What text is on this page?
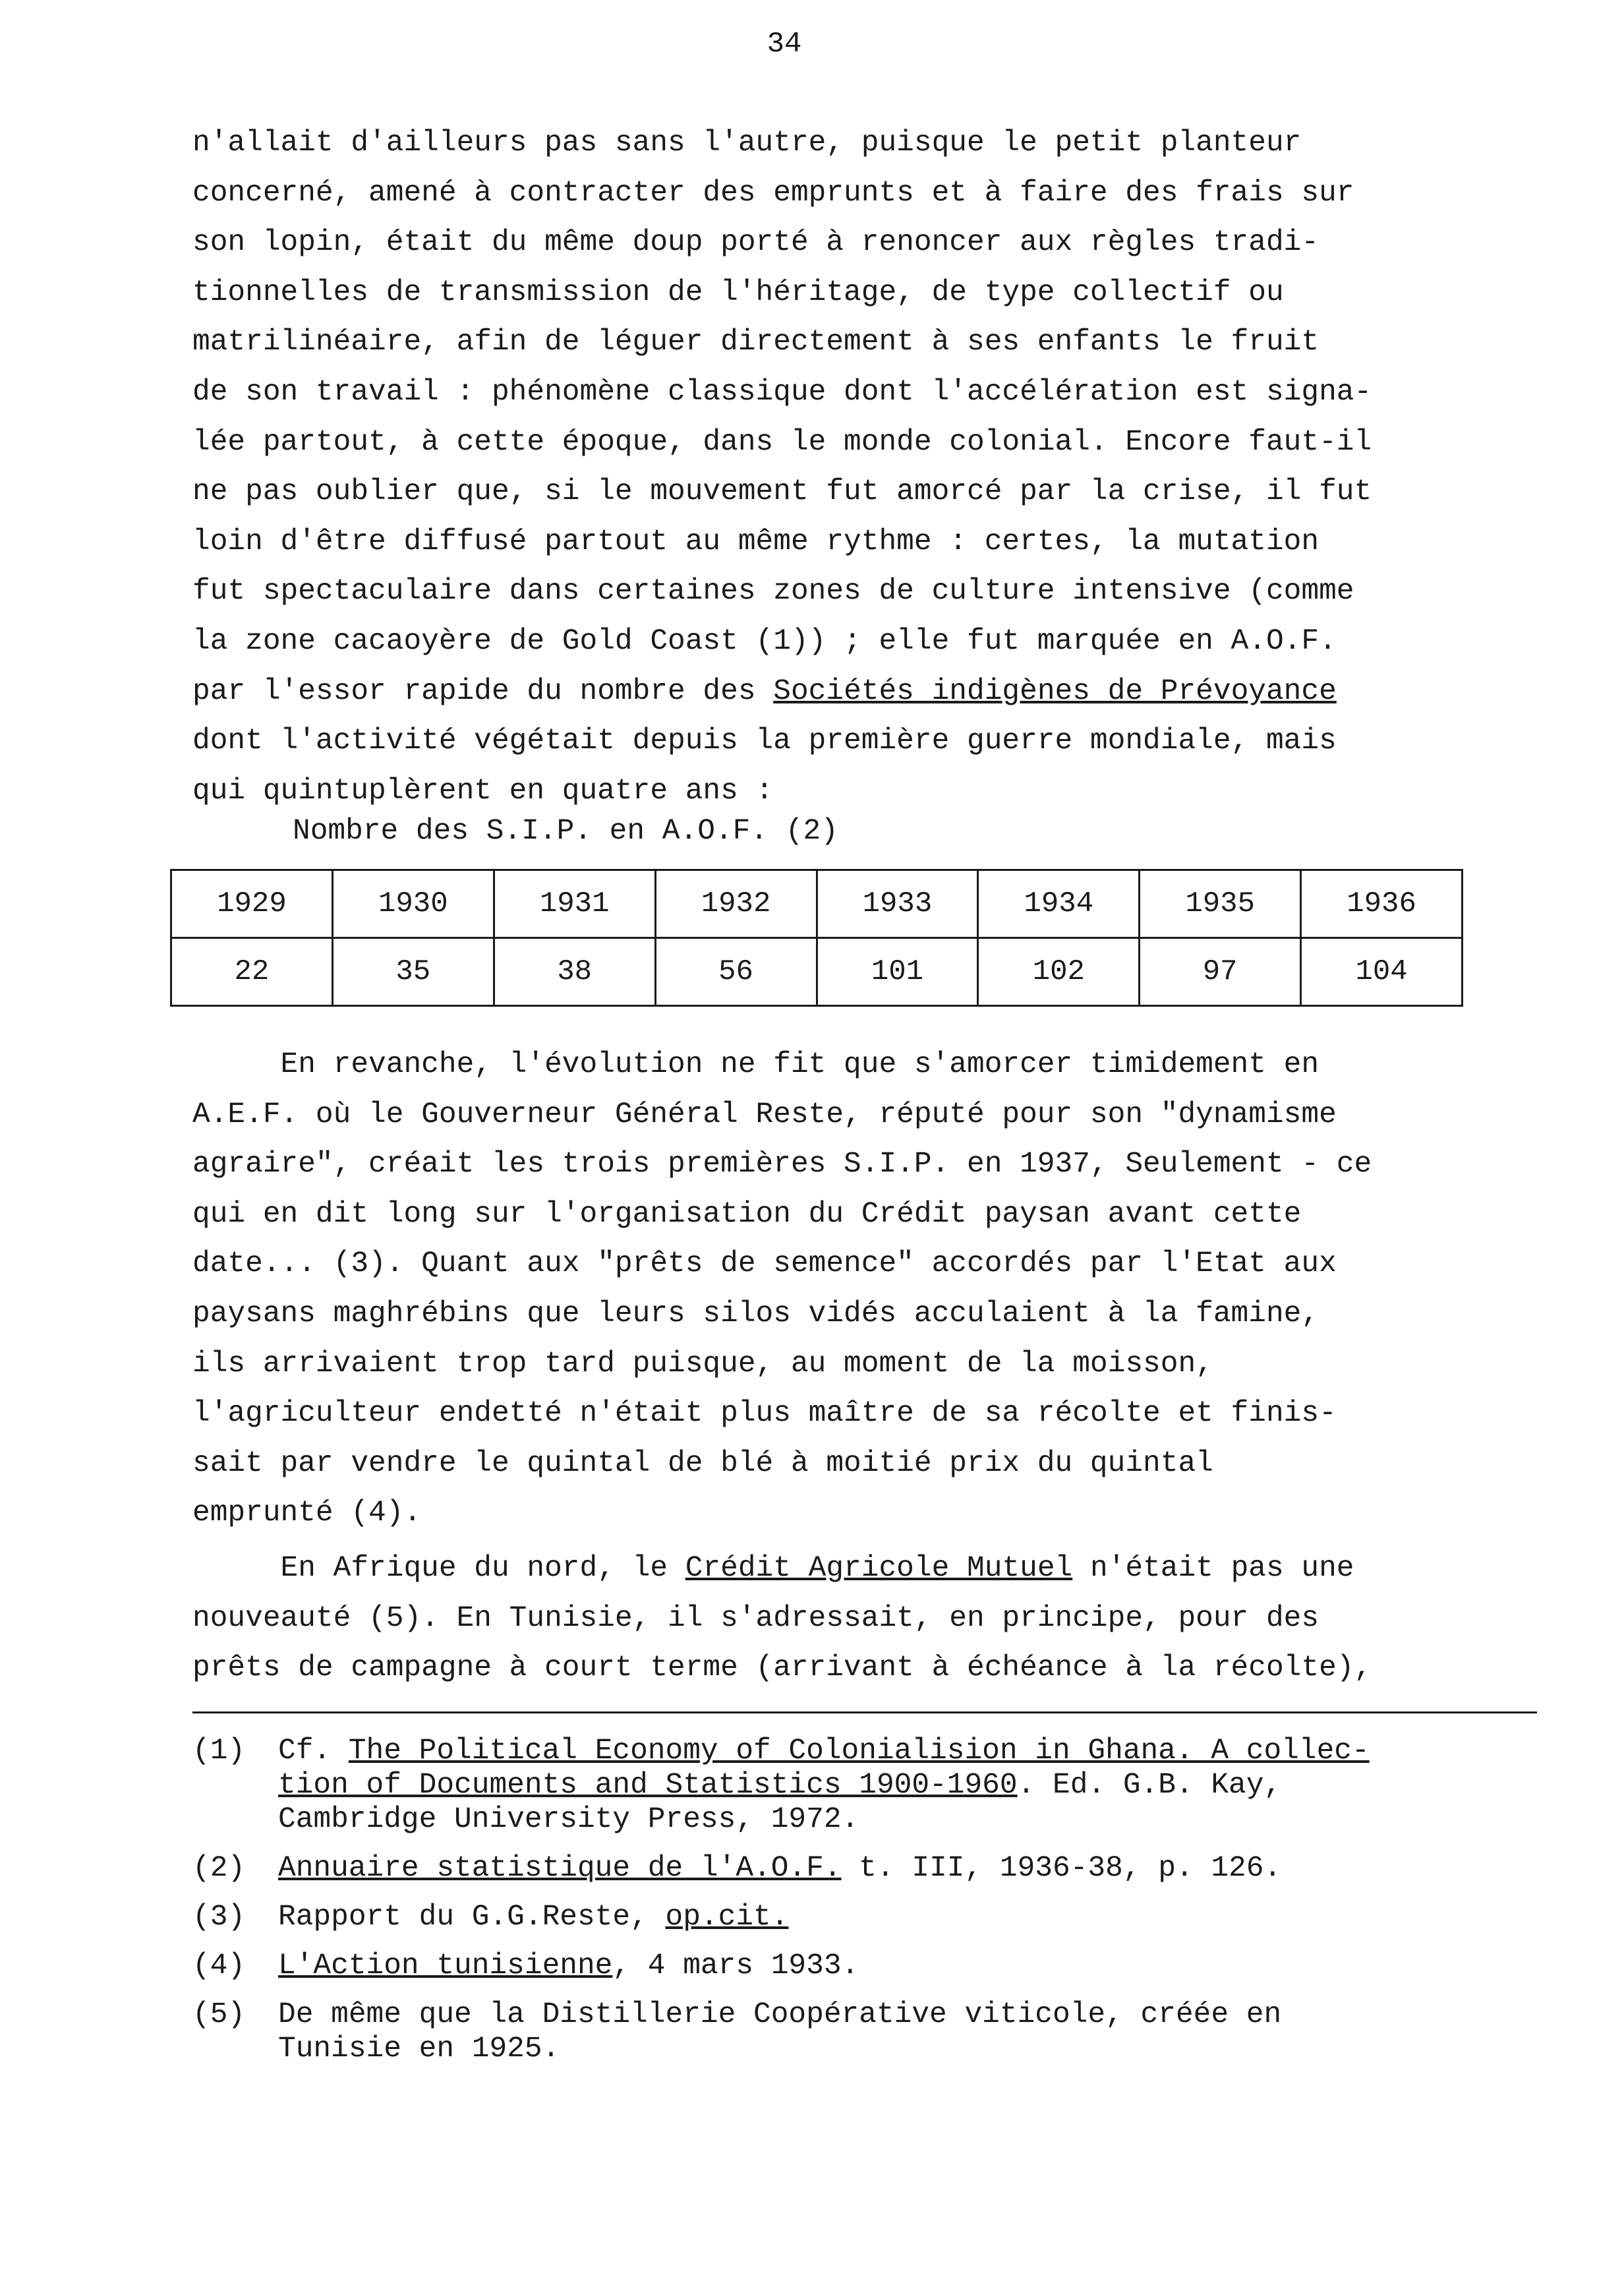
34
n'allait d'ailleurs pas sans l'autre, puisque le petit planteur
concerné, amené à contracter des emprunts et à faire des frais sur
son lopin, était du même doup porté à renoncer aux règles tradi-
tionnelles de transmission de l'héritage, de type collectif ou
matrilinéaire, afin de léguer directement à ses enfants le fruit
de son travail : phénomène classique dont l'accélération est signa-
lée partout, à cette époque, dans le monde colonial. Encore faut-il
ne pas oublier que, si le mouvement fut amorcé par la crise, il fut
loin d'être diffusé partout au même rythme : certes, la mutation
fut spectaculaire dans certaines zones de culture intensive (comme
la zone cacaoyère de Gold Coast (1)) ; elle fut marquée en A.O.F.
par l'essor rapide du nombre des Sociétés indigènes de Prévoyance
dont l'activité végétait depuis la première guerre mondiale, mais
qui quintuplèrent en quatre ans :
Nombre des S.I.P. en A.O.F. (2)
1929	1930	1931	1932	1933	1934	1935	1936
22	35	38	56	101	102	97	104
En revanche, l'évolution ne fit que s'amorcer timidement en
A.E.F. où le Gouverneur Général Reste, réputé pour son "dynamisme
agraire", créait les trois premières S.I.P. en 1937, Seulement - ce
qui en dit long sur l'organisation du Crédit paysan avant cette
date... (3). Quant aux "prêts de semence" accordés par l'Etat aux
paysans maghrébins que leurs silos vidés acculaient à la famine,
ils arrivaient trop tard puisque, au moment de la moisson,
l'agriculteur endetté n'était plus maître de sa récolte et finis-
sait par vendre le quintal de blé à moitié prix du quintal
emprunté (4).
En Afrique du nord, le Crédit Agricole Mutuel n'était pas une
nouveauté (5). En Tunisie, il s'adressait, en principe, pour des
prêts de campagne à court terme (arrivant à échéance à la récolte),
(1) Cf. The Political Economy of Colonialision in Ghana. A collec-
tion of Documents and Statistics 1900-1960. Ed. G.B. Kay,
Cambridge University Press, 1972.
(2) Annuaire statistique de l'A.O.F. t. III, 1936-38, p. 126.
(3) Rapport du G.G.Reste, op.cit.
(4) L'Action tunisienne, 4 mars 1933.
(5) De même que la Distillerie Coopérative viticole, créée en
Tunisie en 1925.
